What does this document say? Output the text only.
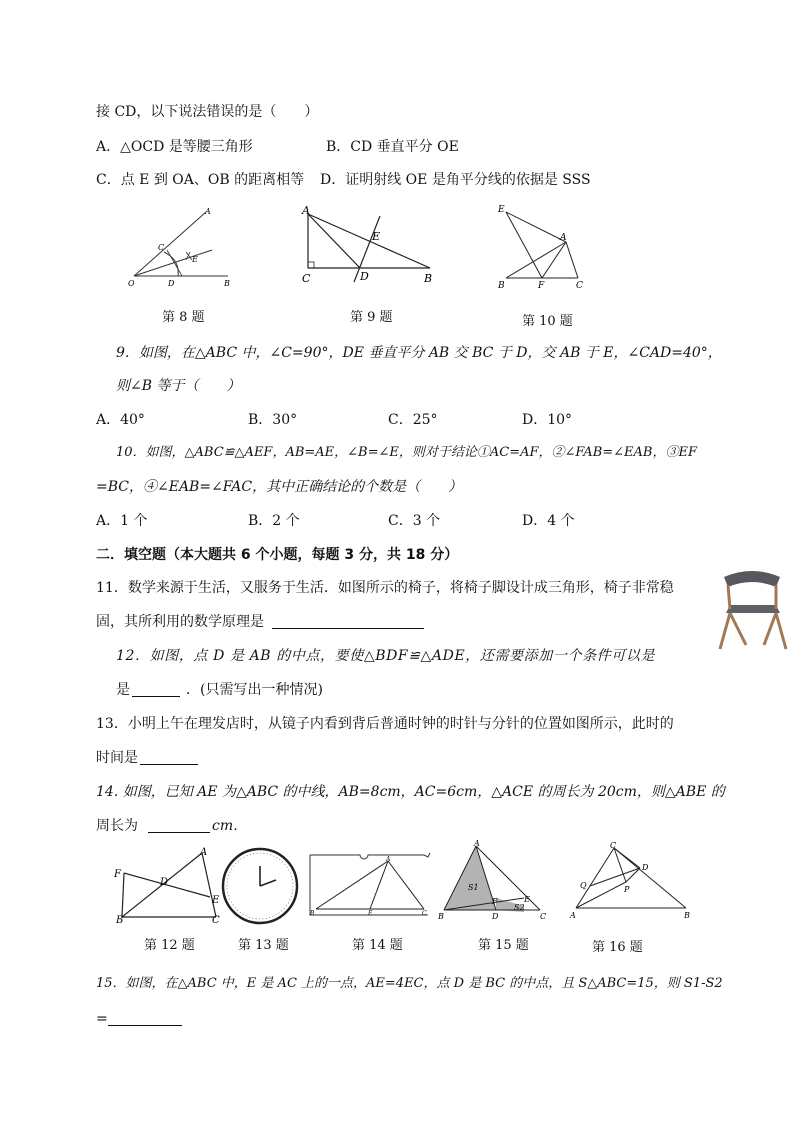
接 CD，以下说法错误的是（　　）
A．△OCD 是等腰三角形	B．CD 垂直平分 OE
C．点 E 到 OA、OB 的距离相等 D．证明射线 OE 是角平分线的依据是 SSS
A
C
E
O	D	B
第 8 题
A
E
C	D	B
第 9 题
E
A
B	F	C
第 10 题
9．如图，在△ABC 中，∠C=90°，DE 垂直平分 AB 交 BC 于 D，交 AB 于 E，∠CAD=40°，
则∠B 等于（　　）
A．40°	B．30°	C．25°	D．10°
10．如图，△ABC≌△AEF，AB=AE，∠B=∠E，则对于结论①AC=AF，②∠FAB=∠EAB，③EF
=BC，④∠EAB=∠FAC，其中正确结论的个数是（　　）
A．1 个	B．2 个	C．3 个	D．4 个
二．填空题（本大题共 6 个小题，每题 3 分，共 18 分）
11．数学来源于生活，又服务于生活．如图所示的椅子，将椅子脚设计成三角形，椅子非常稳
固，其所利用的数学原理是
12．如图，点 D 是 AB 的中点，要使△BDF≌△ADE，还需要添加一个条件可以是
是	．(只需写出一种情况)
13．小明上午在理发店时，从镜子内看到背后普通时钟的时针与分针的位置如图所示，此时的
时间是
14. 如图，已知 AE 为△ABC 的中线，AB=8cm，AC=6cm，△ACE 的周长为 20cm，则△ABE 的
周长为	cm．
A
F
D
E
B	C
第 12 题	第 13 题
A
B	E	C
第 14 题
A
S1
F	E
S2
B	D	C
第 15 题
C
D
Q	P
A	B
第 16 题
15．如图，在△ABC 中，E 是 AC 上的一点，AE=4EC，点 D 是 BC 的中点，且 S△ABC=15，则 S1-S2
=
